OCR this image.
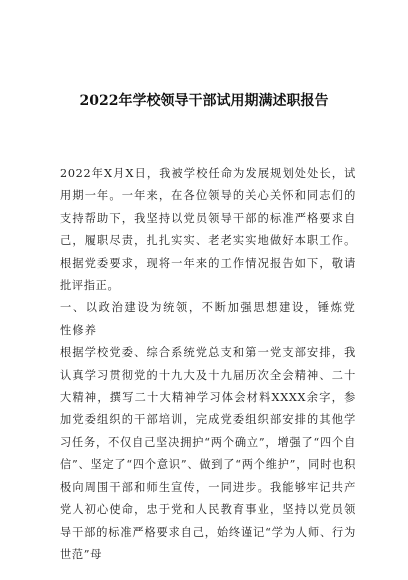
2022年学校领导干部试用期满述职报告

2022年X月X日，我被学校任命为发展规划处处长，试用期一年。一年来，在各位领导的关心关怀和同志们的支持帮助下，我坚持以党员领导干部的标准严格要求自己，履职尽责，扎扎实实、老老实实地做好本职工作。根据党委要求，现将一年来的工作情况报告如下，敬请批评指正。

一、以政治建设为统领，不断加强思想建设，锤炼党性修养

根据学校党委、综合系统党总支和第一党支部安排，我认真学习贯彻党的十九大及十九届历次全会精神、二十大精神，撰写二十大精神学习体会材料XXXX余字，参加党委组织的干部培训，完成党委组织部安排的其他学习任务，不仅自己坚决拥护“两个确立”，增强了“四个自信”、坚定了“四个意识”、做到了“两个维护”，同时也积极向周围干部和师生宣传，一同进步。我能够牢记共产党人初心使命，忠于党和人民教育事业，坚持以党员领导干部的标准严格要求自己，始终谨记“学为人师、行为世范”母
